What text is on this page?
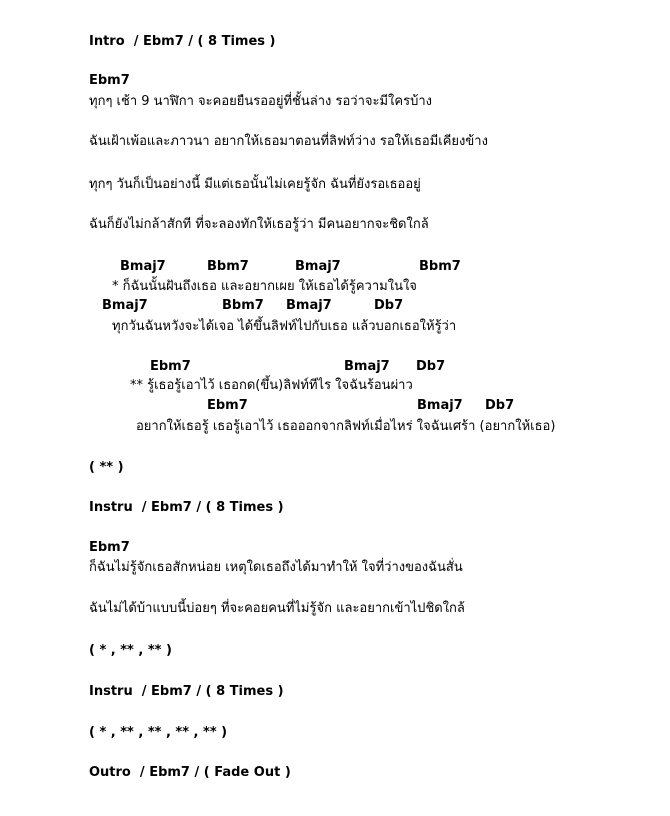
Intro  / Ebm7 / ( 8 Times )
Ebm7
ทุกๆ เช้า 9 นาฬิกา จะคอยยืนรออยู่ที่ชั้นล่าง รอว่าจะมีใครบ้าง
ฉันเฝ้าเพ้อและภาวนา อยากให้เธอมาตอนที่ลิฟท์ว่าง รอให้เธอมีเคียงข้าง
ทุกๆ วันก็เป็นอย่างนี้ มีแต่เธอนั้นไม่เคยรู้จัก ฉันที่ยังรอเธออยู่
ฉันก็ยังไม่กล้าสักที ที่จะลองทักให้เธอรู้ว่า มีคนอยากจะชิดใกล้
Bmaj7	Bbm7	Bmaj7	Bbm7
* ก็ฉันนั้นฝันถึงเธอ และอยากเผย ให้เธอได้รู้ความในใจ
Bmaj7	Bbm7 Bmaj7	Db7
ทุกวันฉันหวังจะได้เจอ ได้ขึ้นลิฟท์ไปกับเธอ แล้วบอกเธอให้รู้ว่า
Ebm7	Bmaj7 Db7
** รู้เธอรู้เอาไว้ เธอกด(ขึ้น)ลิฟท์ทีไร ใจฉันร้อนผ่าว
Ebm7	Bmaj7 Db7
อยากให้เธอรู้ เธอรู้เอาไว้ เธอออกจากลิฟท์เมื่อไหร่ ใจฉันเศร้า (อยากให้เธอ)
( ** )
Instru  / Ebm7 / ( 8 Times )
Ebm7
ก็ฉันไม่รู้จักเธอสักหน่อย เหตุใดเธอถึงได้มาทำให้ ใจที่ว่างของฉันสั่น
ฉันไม่ได้บ้าแบบนี้บ่อยๆ ที่จะคอยคนที่ไม่รู้จัก และอยากเข้าไปชิดใกล้
( * , ** , ** )
Instru  / Ebm7 / ( 8 Times )
( * , ** , ** , ** , ** )
Outro  / Ebm7 / ( Fade Out )
